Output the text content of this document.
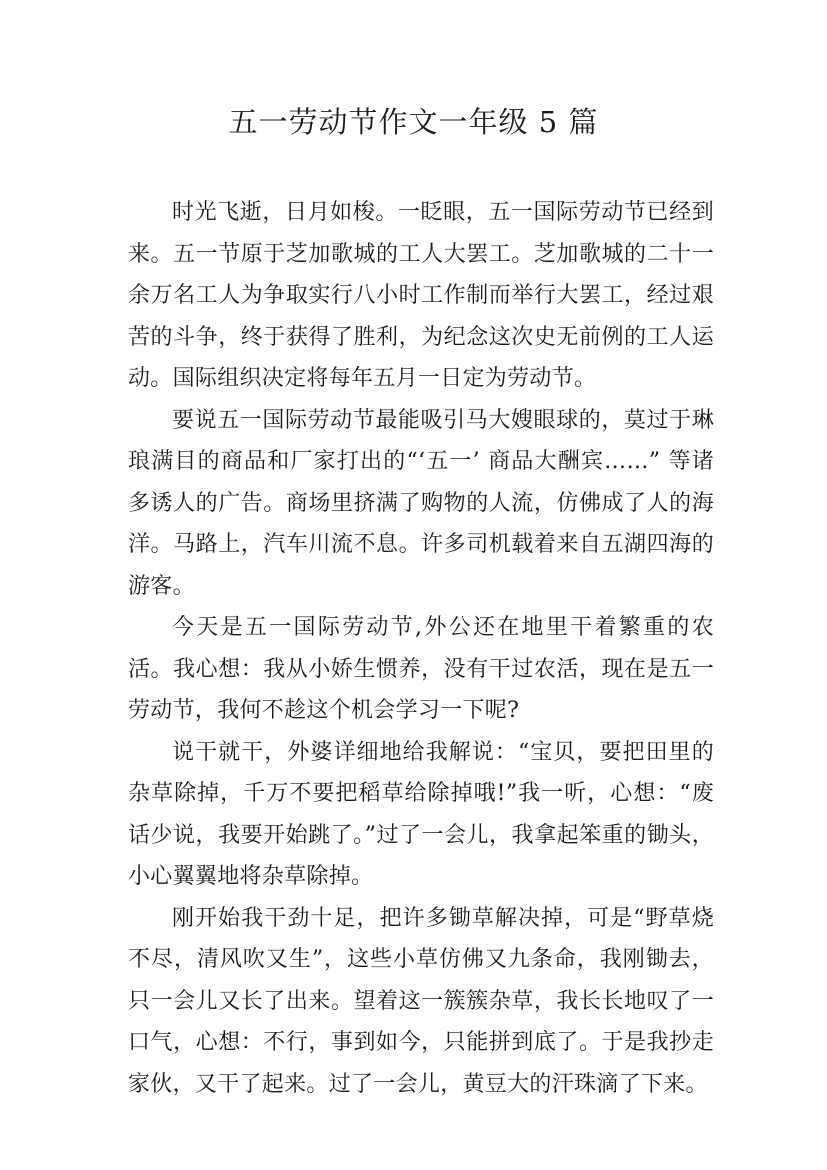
五一劳动节作文一年级 5 篇

时光飞逝，日月如梭。一眨眼，五一国际劳动节已经到来。五一节原于芝加歌城的工人大罢工。芝加歌城的二十一余万名工人为争取实行八小时工作制而举行大罢工，经过艰苦的斗争，终于获得了胜利，为纪念这次史无前例的工人运动。国际组织决定将每年五月一日定为劳动节。

要说五一国际劳动节最能吸引马大嫂眼球的，莫过于琳琅满目的商品和厂家打出的“‘五一’ 商品大酬宾……” 等诸多诱人的广告。商场里挤满了购物的人流，仿佛成了人的海洋。马路上，汽车川流不息。许多司机载着来自五湖四海的游客。

今天是五一国际劳动节,外公还在地里干着繁重的农活。我心想：我从小娇生惯养，没有干过农活，现在是五一劳动节，我何不趁这个机会学习一下呢?

说干就干，外婆详细地给我解说：“宝贝，要把田里的杂草除掉，千万不要把稻草给除掉哦!”我一听，心想：“废话少说，我要开始跳了。”过了一会儿，我拿起笨重的锄头，小心翼翼地将杂草除掉。

刚开始我干劲十足，把许多锄草解决掉，可是“野草烧不尽，清风吹又生”，这些小草仿佛又九条命，我刚锄去，只一会儿又长了出来。望着这一簇簇杂草，我长长地叹了一口气，心想：不行，事到如今，只能拼到底了。于是我抄走家伙，又干了起来。过了一会儿，黄豆大的汗珠滴了下来。
